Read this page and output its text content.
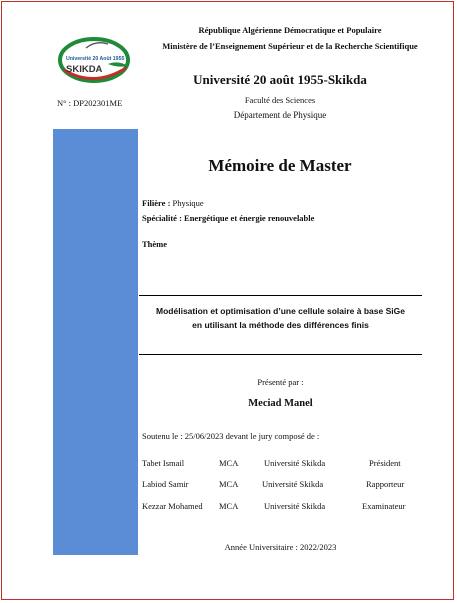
Université 20 Août 1955
SKIKDA
République Algérienne Démocratique et Populaire
Ministère de l’Enseignement Supérieur et de la Recherche Scientifique
Université 20 août 1955-Skikda
Faculté des Sciences
Département de Physique
N° : DP202301ME
Mémoire de Master
Filière : Physique
Spécialité : Energétique et énergie renouvelable
Thème
Modélisation et optimisation d’une cellule solaire à base SiGe
en utilisant la méthode des différences finis
Présenté par :
Meciad Manel
Soutenu le : 25/06/2023 devant le jury composé de :
Tabet Ismail	MCA	Université Skikda	Président
Labiod Samir	MCA	Université Skikda	Rapporteur
Kezzar Mohamed MCA	Université Skikda	Examinateur
Année Universitaire : 2022/2023
